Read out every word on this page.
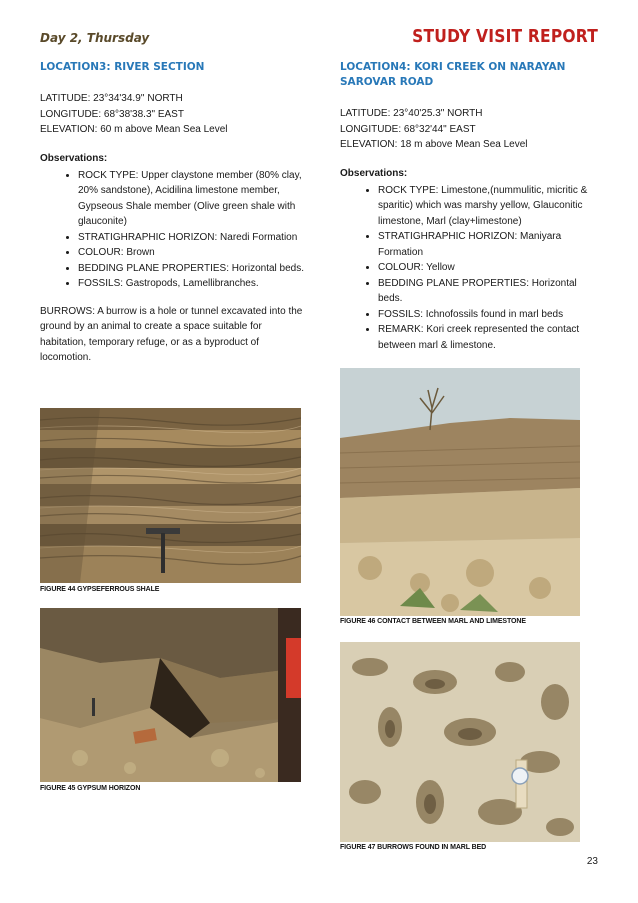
Day 2, Thursday	STUDY VISIT REPORT
LOCATION3: RIVER SECTION
LATITUDE: 23°34'34.9'' NORTH
LONGITUDE: 68°38'38.3" EAST
ELEVATION: 60 m above Mean Sea Level
Observations:
• ROCK TYPE: Upper claystone member (80% clay, 20% sandstone), Acidilina limestone member, Gypseous Shale member (Olive green shale with glauconite)
• STRATIGHRAPHIC HORIZON: Naredi Formation
• COLOUR: Brown
• BEDDING PLANE PROPERTIES: Horizontal beds.
• FOSSILS: Gastropods, Lamellibranches.
BURROWS: A burrow is a hole or tunnel excavated into the ground by an animal to create a space suitable for habitation, temporary refuge, or as a byproduct of locomotion.
LOCATION4: KORI CREEK ON NARAYAN SAROVAR ROAD
LATITUDE: 23°40'25.3" NORTH
LONGITUDE: 68°32'44" EAST
ELEVATION: 18 m above Mean Sea Level
Observations:
• ROCK TYPE: Limestone,(nummulitic, micritic & sparitic) which was marshy yellow, Glauconitic limestone, Marl (clay+limestone)
• STRATIGHRAPHIC HORIZON: Maniyara Formation
• COLOUR: Yellow
• BEDDING PLANE PROPERTIES: Horizontal beds.
• FOSSILS: Ichnofossils found in marl beds
• REMARK: Kori creek represented the contact between marl & limestone.
FIGURE 44 GYPSEFERROUS SHALE
FIGURE 45 GYPSUM HORIZON
FIGURE 46 CONTACT BETWEEN MARL AND LIMESTONE
FIGURE 47 BURROWS FOUND IN MARL BED
23
